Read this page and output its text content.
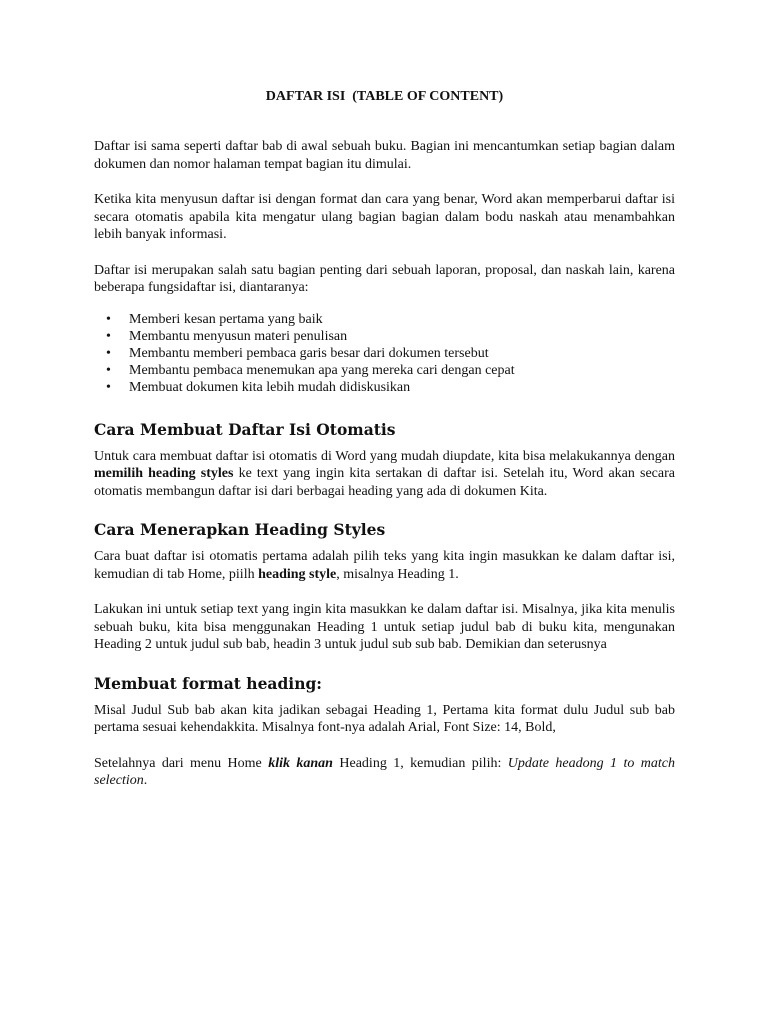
DAFTAR ISI  (TABLE OF CONTENT)

Daftar isi sama seperti daftar bab di awal sebuah buku. Bagian ini mencantumkan setiap bagian dalam dokumen dan nomor halaman tempat bagian itu dimulai.

Ketika kita menyusun daftar isi dengan format dan cara yang benar, Word akan memperbarui daftar isi secara otomatis apabila kita mengatur ulang bagian bagian dalam bodu naskah atau menambahkan lebih banyak informasi.

Daftar isi merupakan salah satu bagian penting dari sebuah laporan, proposal, dan naskah lain, karena beberapa fungsidaftar isi, diantaranya:

• Memberi kesan pertama yang baik
• Membantu menyusun materi penulisan
• Membantu memberi pembaca garis besar dari dokumen tersebut
• Membantu pembaca menemukan apa yang mereka cari dengan cepat
• Membuat dokumen kita lebih mudah didiskusikan
Cara Membuat Daftar Isi Otomatis

Untuk cara membuat daftar isi otomatis di Word yang mudah diupdate, kita bisa melakukannya dengan memilih heading styles ke text yang ingin kita sertakan di daftar isi. Setelah itu, Word akan secara otomatis membangun daftar isi dari berbagai heading yang ada di dokumen Kita.

Cara Menerapkan Heading Styles

Cara buat daftar isi otomatis pertama adalah pilih teks yang kita ingin masukkan ke dalam daftar isi, kemudian di tab Home, piilh heading style, misalnya Heading 1.

Lakukan ini untuk setiap text yang ingin kita masukkan ke dalam daftar isi. Misalnya, jika kita menulis sebuah buku, kita bisa menggunakan Heading 1 untuk setiap judul bab di buku kita, mengunakan Heading 2 untuk judul sub bab, headin 3 untuk judul sub sub bab. Demikian dan seterusnya

Membuat format heading:

Misal Judul Sub bab akan kita jadikan sebagai Heading 1, Pertama kita format dulu Judul sub bab pertama sesuai kehendakkita. Misalnya font-nya adalah Arial, Font Size: 14, Bold,

Setelahnya dari menu Home klik kanan Heading 1, kemudian pilih: Update headong 1 to match selection.
